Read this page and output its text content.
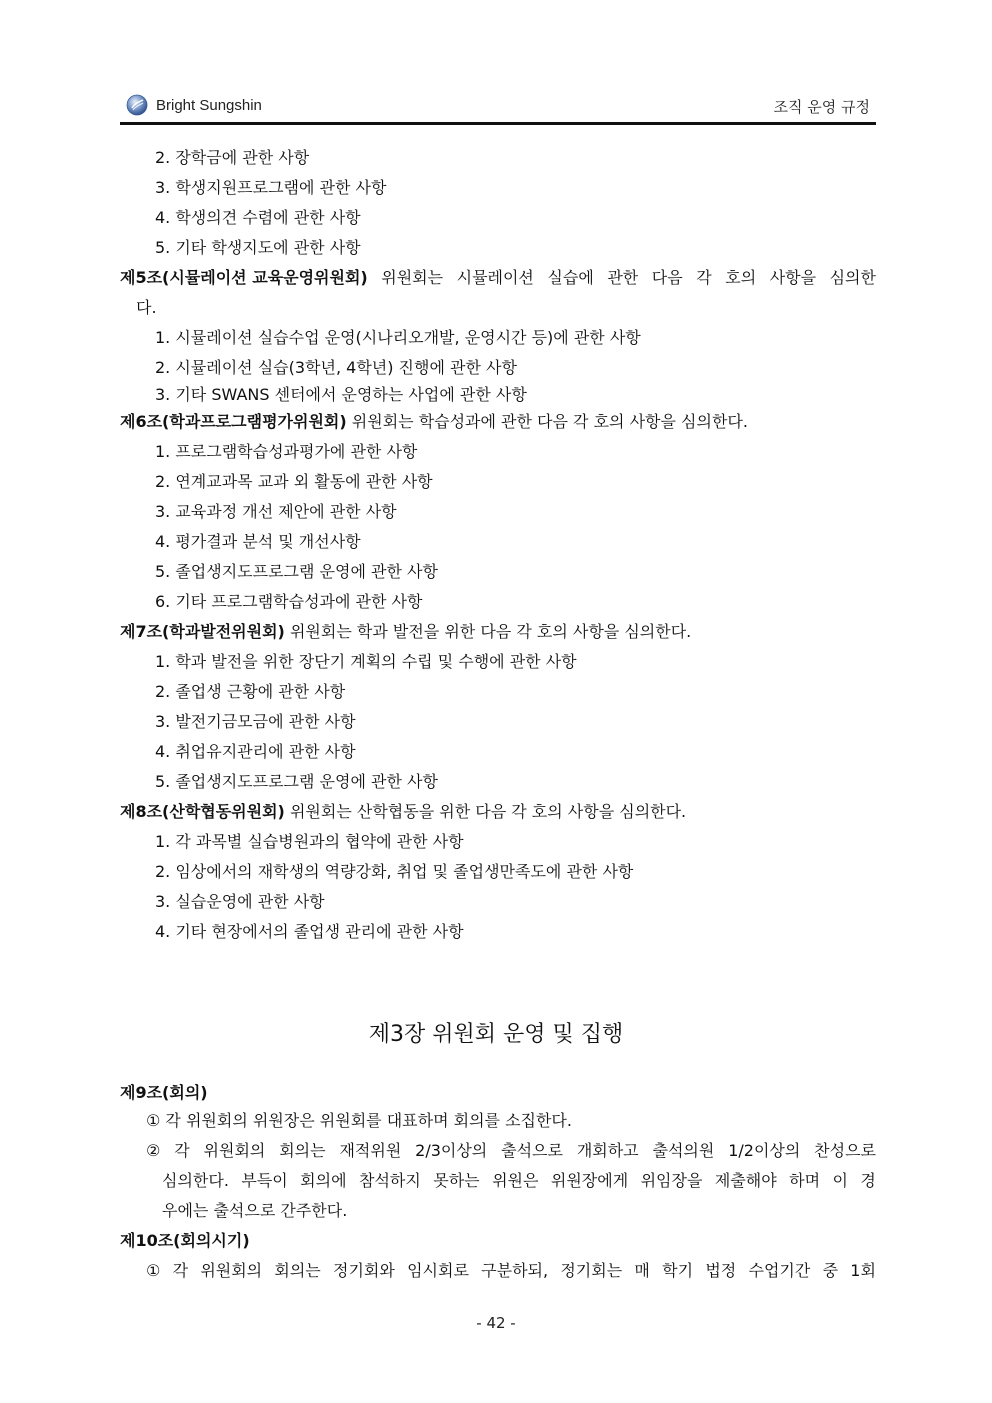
Bright Sungshin	조직 운영 규정
2. 장학금에 관한 사항
3. 학생지원프로그램에 관한 사항
4. 학생의견 수렴에 관한 사항
5. 기타 학생지도에 관한 사항
제5조(시뮬레이션 교육운영위원회) 위원회는 시뮬레이션 실습에 관한 다음 각 호의 사항을 심의한
다.
1. 시뮬레이션 실습수업 운영(시나리오개발, 운영시간 등)에 관한 사항
2. 시뮬레이션 실습(3학년, 4학년) 진행에 관한 사항
3. 기타 SWANS 센터에서 운영하는 사업에 관한 사항
제6조(학과프로그램평가위원회) 위원회는 학습성과에 관한 다음 각 호의 사항을 심의한다.
1. 프로그램학습성과평가에 관한 사항
2. 연계교과목 교과 외 활동에 관한 사항
3. 교육과정 개선 제안에 관한 사항
4. 평가결과 분석 및 개선사항
5. 졸업생지도프로그램 운영에 관한 사항
6. 기타 프로그램학습성과에 관한 사항
제7조(학과발전위원회) 위원회는 학과 발전을 위한 다음 각 호의 사항을 심의한다.
1. 학과 발전을 위한 장단기 계획의 수립 및 수행에 관한 사항
2. 졸업생 근황에 관한 사항
3. 발전기금모금에 관한 사항
4. 취업유지관리에 관한 사항
5. 졸업생지도프로그램 운영에 관한 사항
제8조(산학협동위원회) 위원회는 산학협동을 위한 다음 각 호의 사항을 심의한다.
1. 각 과목별 실습병원과의 협약에 관한 사항
2. 임상에서의 재학생의 역량강화, 취업 및 졸업생만족도에 관한 사항
3. 실습운영에 관한 사항
4. 기타 현장에서의 졸업생 관리에 관한 사항
제3장 위원회 운영 및 집행
제9조(회의)
① 각 위원회의 위원장은 위원회를 대표하며 회의를 소집한다.
② 각 위원회의 회의는 재적위원 2/3이상의 출석으로 개회하고 출석의원 1/2이상의 찬성으로
심의한다. 부득이 회의에 참석하지 못하는 위원은 위원장에게 위임장을 제출해야 하며 이 경
우에는 출석으로 간주한다.
제10조(회의시기)
① 각 위원회의 회의는 정기회와 임시회로 구분하되, 정기회는 매 학기 법정 수업기간 중 1회
- 42 -
